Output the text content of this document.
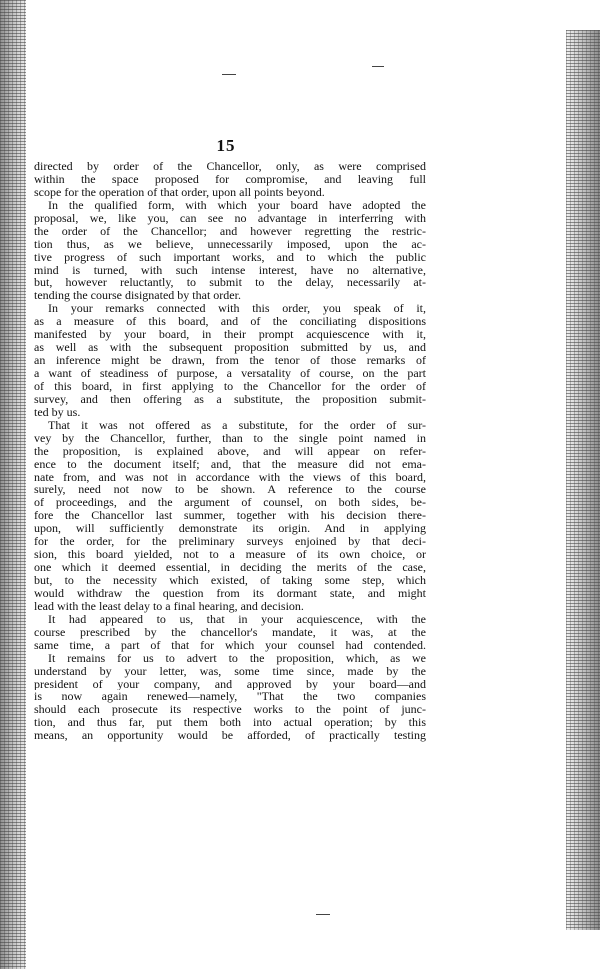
15
directed by order of the Chancellor, only, as were comprised
within the space proposed for compromise, and leaving full
scope for the operation of that order, upon all points beyond.
In the qualified form, with which your board have adopted the
proposal, we, like you, can see no advantage in interferring with
the order of the Chancellor; and however regretting the restric-
tion thus, as we believe, unnecessarily imposed, upon the ac-
tive progress of such important works, and to which the public
mind is turned, with such intense interest, have no alternative,
but, however reluctantly, to submit to the delay, necessarily at-
tending the course disignated by that order.
In your remarks connected with this order, you speak of it,
as a measure of this board, and of the conciliating dispositions
manifested by your board, in their prompt acquiescence with it,
as well as with the subsequent proposition submitted by us, and
an inference might be drawn, from the tenor of those remarks of
a want of steadiness of purpose, a versatality of course, on the part
of this board, in first applying to the Chancellor for the order of
survey, and then offering as a substitute, the proposition submit-
ted by us.
That it was not offered as a substitute, for the order of sur-
vey by the Chancellor, further, than to the single point named in
the proposition, is explained above, and will appear on refer-
ence to the document itself; and, that the measure did not ema-
nate from, and was not in accordance with the views of this board,
surely, need not now to be shown. A reference to the course
of proceedings, and the argument of counsel, on both sides, be-
fore the Chancellor last summer, together with his decision there-
upon, will sufficiently demonstrate its origin. And in applying
for the order, for the preliminary surveys enjoined by that deci-
sion, this board yielded, not to a measure of its own choice, or
one which it deemed essential, in deciding the merits of the case,
but, to the necessity which existed, of taking some step, which
would withdraw the question from its dormant state, and might
lead with the least delay to a final hearing, and decision.
It had appeared to us, that in your acquiescence, with the
course prescribed by the chancellor's mandate, it was, at the
same time, a part of that for which your counsel had contended.
It remains for us to advert to the proposition, which, as we
understand by your letter, was, some time since, made by the
president of your company, and approved by your board—and
is now again renewed—namely, "That the two companies
should each prosecute its respective works to the point of junc-
tion, and thus far, put them both into actual operation; by this
means, an opportunity would be afforded, of practically testing
